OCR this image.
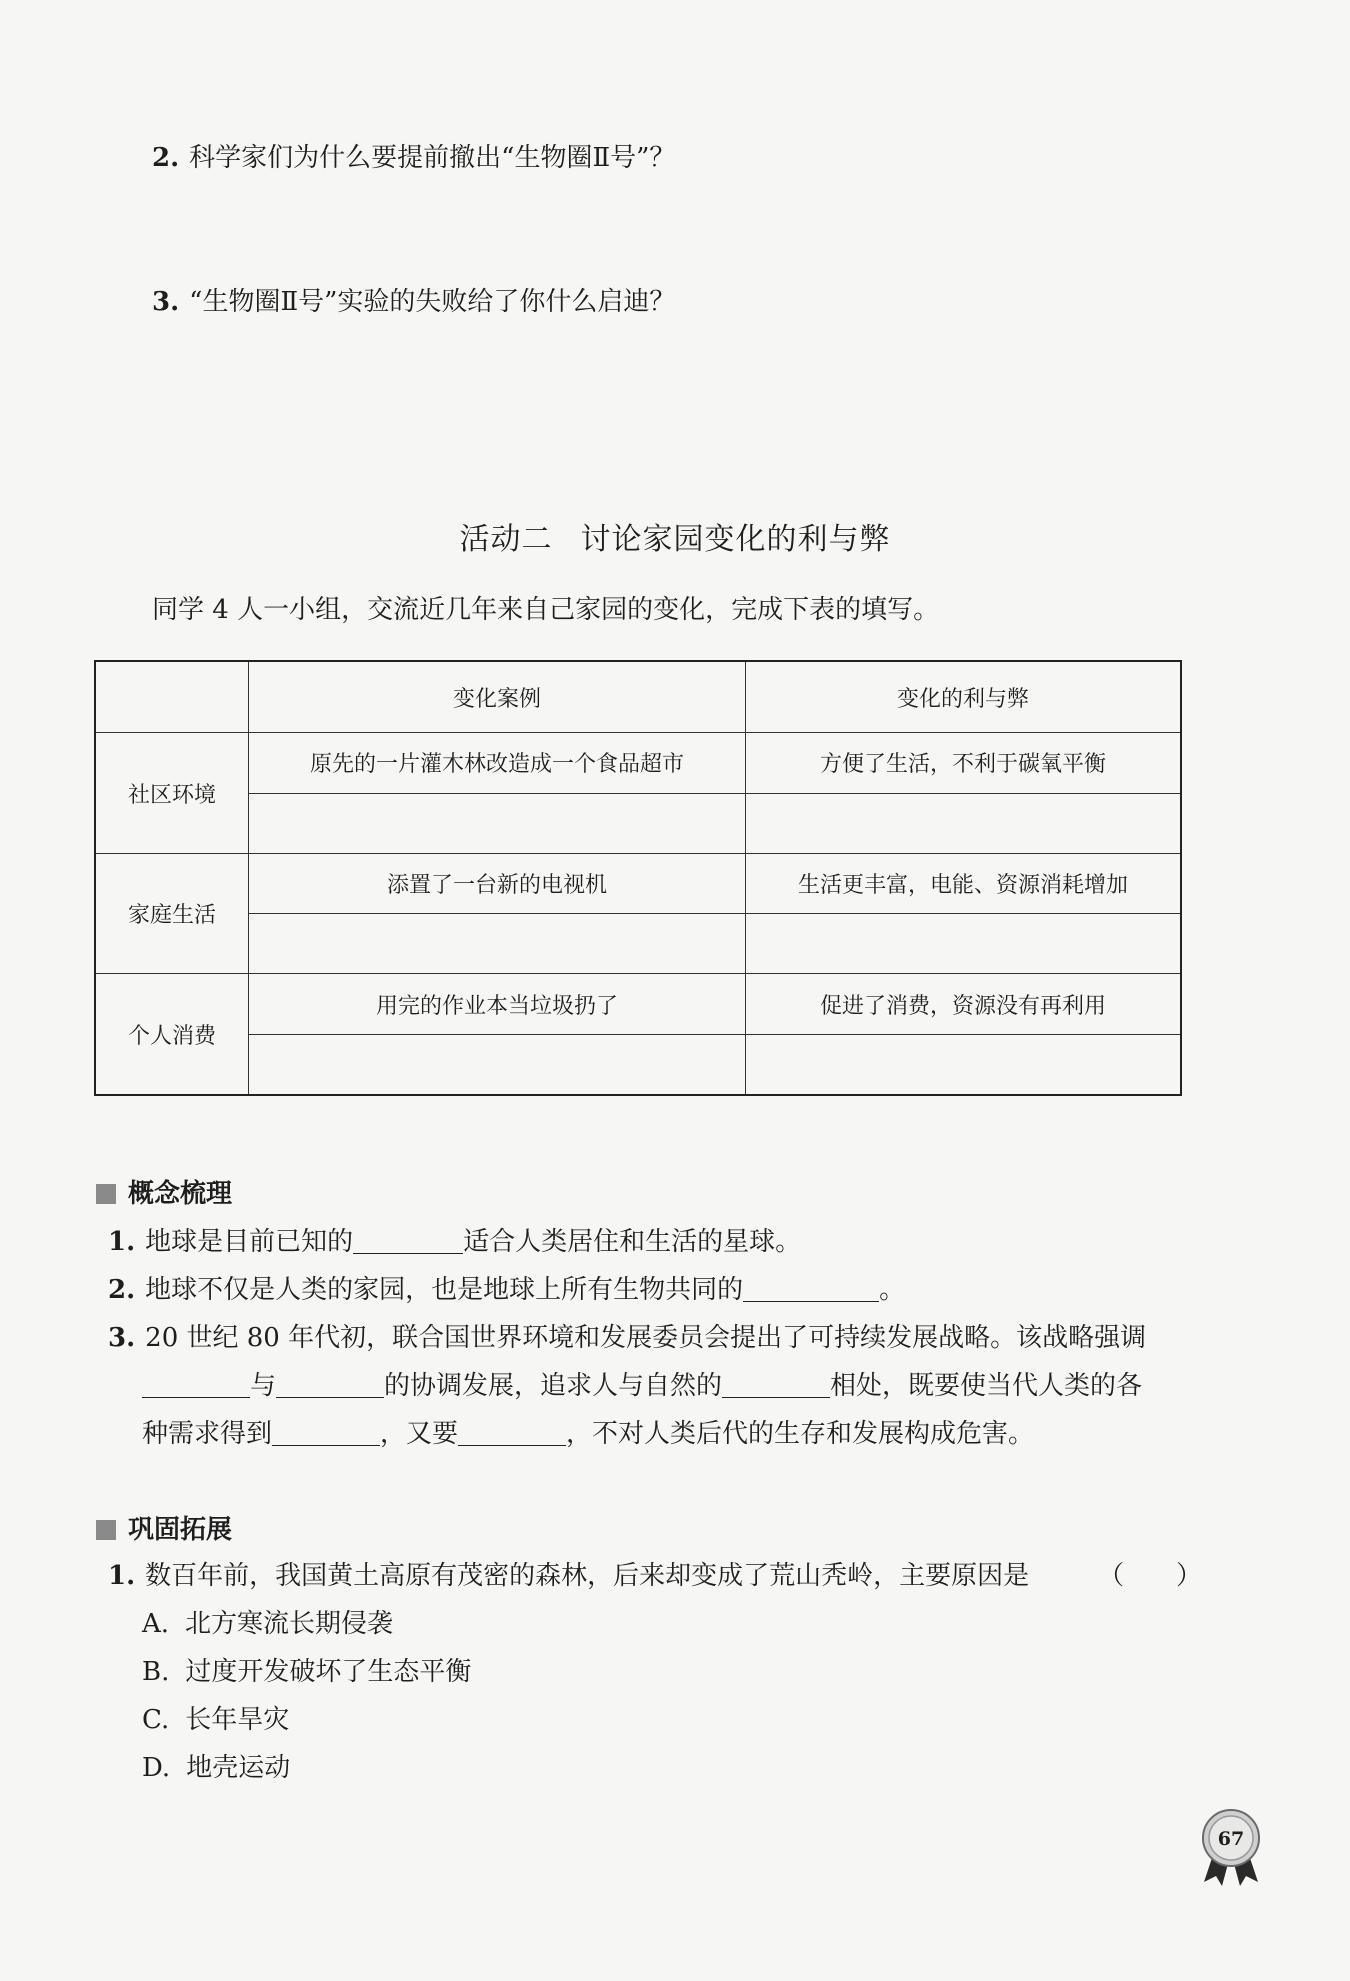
2. 科学家们为什么要提前撤出“生物圈Ⅱ号”？
3. “生物圈Ⅱ号”实验的失败给了你什么启迪？
活动二 讨论家园变化的利与弊
同学 4 人一小组，交流近几年来自己家园的变化，完成下表的填写。
	变化案例	变化的利与弊
社区环境	原先的一片灌木林改造成一个食品超市	方便了生活，不利于碳氧平衡

家庭生活	添置了一台新的电视机	生活更丰富，电能、资源消耗增加

个人消费	用完的作业本当垃圾扔了	促进了消费，资源没有再利用

概念梳理
1. 地球是目前已知的	适合人类居住和生活的星球。
2. 地球不仅是人类的家园，也是地球上所有生物共同的	。
3. 20 世纪 80 年代初，联合国世界环境和发展委员会提出了可持续发展战略。该战略强调
与	的协调发展，追求人与自然的	相处，既要使当代人类的各
种需求得到	，又要	，不对人类后代的生存和发展构成危害。
巩固拓展
1. 数百年前，我国黄土高原有茂密的森林，后来却变成了荒山秃岭，主要原因是	（　　）
A. 北方寒流长期侵袭
B. 过度开发破坏了生态平衡
C. 长年旱灾
D. 地壳运动
67
